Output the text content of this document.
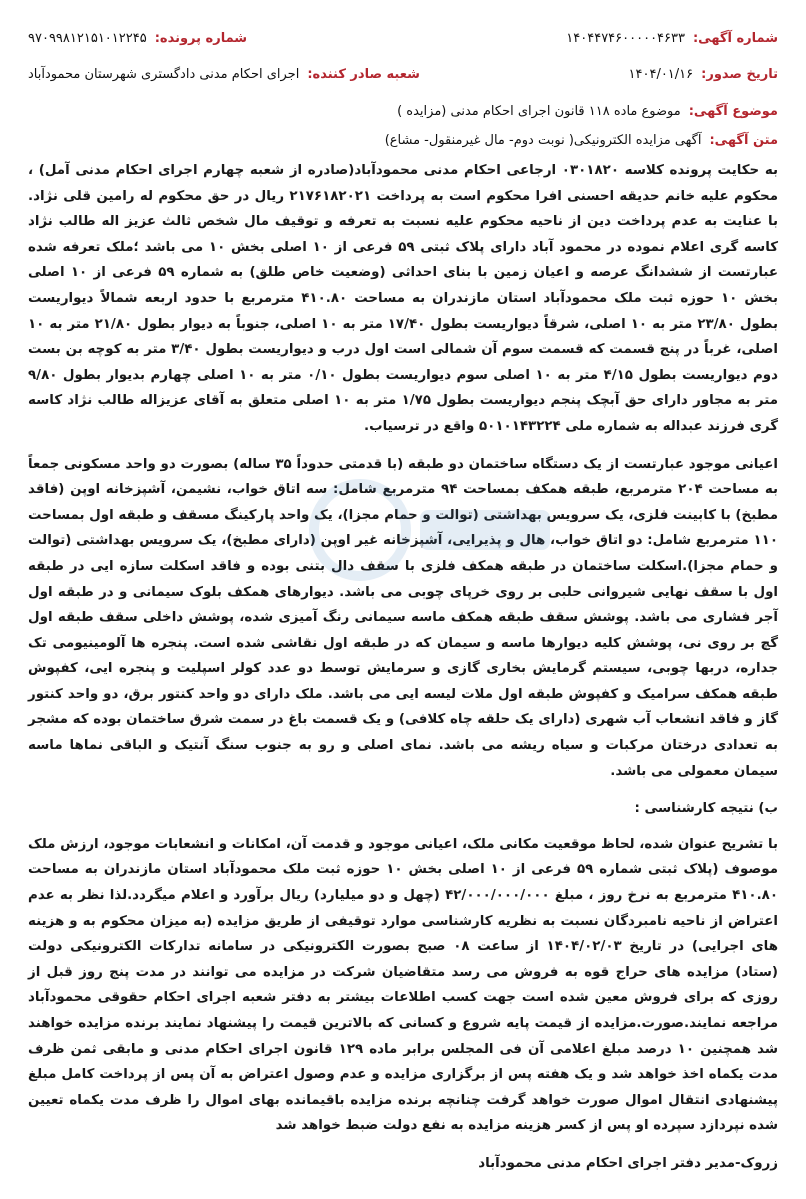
شماره آگهی:
۱۴۰۴۴۷۴۶۰۰۰۰۰۴۶۳۳
شماره پرونده:
۹۷۰۹۹۸۱۲۱۵۱۰۱۲۲۴۵
تاریخ صدور:
۱۴۰۴/۰۱/۱۶
شعبه صادر کننده:
اجرای احکام مدنی دادگستری شهرستان محمودآباد
موضوع آگهی:
موضوع ماده ۱۱۸ قانون اجرای احکام مدنی (مزایده )
متن آگهی:
آگهی مزایده الکترونیکی( نوبت دوم- مال غیرمنقول- مشاع)

به حکایت پرونده کلاسه ۰۳۰۱۸۲۰ ارجاعی احکام مدنی محمودآباد(صادره از شعبه چهارم اجرای احکام مدنی آمل) ، محکوم علیه خانم حدیقه احسنی افرا محکوم است به پرداخت ۲۱۷۶۱۸۲۰۲۱ ریال در حق محکوم له رامین قلی نژاد. با عنایت به عدم پرداخت دین از ناحیه محکوم علیه نسبت به تعرفه و توقیف مال شخص ثالث عزیز اله طالب نژاد کاسه گری اعلام نموده در محمود آباد دارای پلاک ثبتی ۵۹ فرعی از ۱۰ اصلی بخش ۱۰ می باشد ؛ملک تعرفه شده عبارتست از ششدانگ عرصه و اعیان زمین با بنای احداثی (وضعیت خاص طلق) به شماره ۵۹ فرعی از ۱۰ اصلی بخش ۱۰ حوزه ثبت ملک محمودآباد استان مازندران به مساحت ۴۱۰.۸۰ مترمربع با حدود اربعه شمالاً دیواریست بطول ۲۳/۸۰ متر به ۱۰ اصلی، شرقاً دیواریست بطول ۱۷/۴۰ متر به ۱۰ اصلی، جنوباً به دیوار بطول ۲۱/۸۰ متر به ۱۰ اصلی، غرباً در پنج قسمت که قسمت سوم آن شمالی است اول درب و دیواریست بطول ۳/۴۰ متر به کوچه بن بست دوم دیواریست بطول ۴/۱۵ متر به ۱۰ اصلی سوم دیواریست بطول ۰/۱۰ متر به ۱۰ اصلی چهارم بدیوار بطول ۹/۸۰ متر به مجاور دارای حق آبچک پنجم دیواریست بطول ۱/۷۵ متر به ۱۰ اصلی متعلق به آقای عزیزاله طالب نژاد کاسه گری فرزند عبداله به شماره ملی ۵۰۱۰۱۴۳۲۲۴ واقع در ترسیاب.

اعیانی موجود عبارتست از یک دستگاه ساختمان دو طبقه (با قدمتی حدوداً ۳۵ ساله) بصورت دو واحد مسکونی جمعاً به مساحت ۲۰۴ مترمربع، طبقه همکف بمساحت ۹۴ مترمربع شامل: سه اتاق خواب، نشیمن، آشپزخانه اوپن (فاقد مطبخ) با کابینت فلزی، یک سرویس بهداشتی (توالت و حمام مجزا)، یک واحد پارکینگ مسقف و طبقه اول بمساحت ۱۱۰ مترمربع شامل: دو اتاق خواب، هال و پذیرایی، آشپزخانه غیر اوپن (دارای مطبخ)، یک سرویس بهداشتی (توالت و حمام مجزا).اسکلت ساختمان در طبقه همکف فلزی با سقف دال بتنی بوده و فاقد اسکلت سازه ایی در طبقه اول با سقف نهایی شیروانی حلبی بر روی خرپای چوبی می باشد. دیوارهای همکف بلوک سیمانی و در طبقه اول آجر فشاری می باشد. پوشش سقف طبقه همکف ماسه سیمانی رنگ آمیزی شده، پوشش داخلی سقف طبقه اول گچ بر روی نی، پوشش کلیه دیوارها ماسه و سیمان که در طبقه اول نقاشی شده است. پنجره ها آلومینیومی تک جداره، دربها چوبی، سیستم گرمایش بخاری گازی و سرمایش توسط دو عدد کولر اسپلیت و پنجره ایی، کفپوش طبقه همکف سرامیک و کفپوش طبقه اول ملات لیسه ایی می باشد. ملک دارای دو واحد کنتور برق، دو واحد کنتور گاز و فاقد انشعاب آب شهری (دارای یک حلقه چاه کلافی) و یک قسمت باغ در سمت شرق ساختمان بوده که مشجر به تعدادی درختان مرکبات و سیاه ریشه می باشد. نمای اصلی و رو به جنوب سنگ آنتیک و الباقی نماها ماسه سیمان معمولی می باشد.

ب) نتیجه کارشناسی :

با تشریح عنوان شده، لحاظ موقعیت مکانی ملک، اعیانی موجود و قدمت آن، امکانات و انشعابات موجود، ارزش ملک موصوف (پلاک ثبتی شماره ۵۹ فرعی از ۱۰ اصلی بخش ۱۰ حوزه ثبت ملک محمودآباد استان مازندران به مساحت ۴۱۰.۸۰ مترمربع به نرخ روز ، مبلغ ۴۲/۰۰۰/۰۰۰/۰۰۰ (چهل و دو میلیارد) ریال برآورد و اعلام میگردد.لذا نظر به عدم اعتراض از ناحیه نامبردگان نسبت به نظریه کارشناسی موارد توقیفی از طریق مزایده (به میزان محکوم به و هزینه های اجرایی) در تاریخ ۱۴۰۴/۰۲/۰۳ از ساعت ۰۸ صبح بصورت الکترونیکی در سامانه تدارکات الکترونیکی دولت (ستاد) مزایده های حراج قوه به فروش می رسد متقاضیان شرکت در مزایده می توانند در مدت پنج روز قبل از روزی که برای فروش معین شده است جهت کسب اطلاعات بیشتر به دفتر شعبه اجرای احکام حقوقی محمودآباد مراجعه نمایند.صورت.مزایده از قیمت پایه شروع و کسانی که بالاترین قیمت را پیشنهاد نمایند برنده مزایده خواهند شد همچنین ۱۰ درصد مبلغ اعلامی آن فی المجلس برابر ماده ۱۲۹ قانون اجرای احکام مدنی و مابقی ثمن ظرف مدت یکماه اخذ خواهد شد و یک هفته پس از برگزاری مزایده و عدم وصول اعتراض به آن پس از پرداخت کامل مبلغ پیشنهادی انتقال اموال صورت خواهد گرفت چنانچه برنده مزایده باقیمانده بهای اموال را ظرف مدت یکماه تعیین شده نپردازد سپرده او پس از کسر هزینه مزایده به نفع دولت ضبط خواهد شد

زروک-مدیر دفتر اجرای احکام مدنی محمودآباد
